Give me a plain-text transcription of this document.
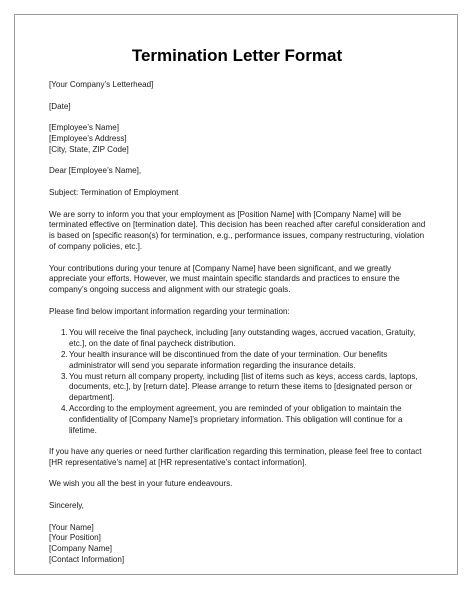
Termination Letter Format

[Your Company’s Letterhead]

[Date]

[Employee’s Name]
[Employee’s Address]
[City, State, ZIP Code]

Dear [Employee’s Name],

Subject: Termination of Employment

We are sorry to inform you that your employment as [Position Name] with [Company Name] will be terminated effective on [termination date]. This decision has been reached after careful consideration and is based on [specific reason(s) for termination, e.g., performance issues, company restructuring, violation of company policies, etc.].

Your contributions during your tenure at [Company Name] have been significant, and we greatly appreciate your efforts. However, we must maintain specific standards and practices to ensure the company’s ongoing success and alignment with our strategic goals.

Please find below important information regarding your termination:

1. You will receive the final paycheck, including [any outstanding wages, accrued vacation, Gratuity, etc.], on the date of final paycheck distribution.
2. Your health insurance will be discontinued from the date of your termination. Our benefits administrator will send you separate information regarding the insurance details.
3. You must return all company property, including [list of items such as keys, access cards, laptops, documents, etc.], by [return date]. Please arrange to return these items to [designated person or department].
4. According to the employment agreement, you are reminded of your obligation to maintain the confidentiality of [Company Name]’s proprietary information. This obligation will continue for a lifetime.

If you have any queries or need further clarification regarding this termination, please feel free to contact [HR representative’s name] at [HR representative’s contact information].

We wish you all the best in your future endeavours.

Sincerely,

[Your Name]
[Your Position]
[Company Name]
[Contact Information]
